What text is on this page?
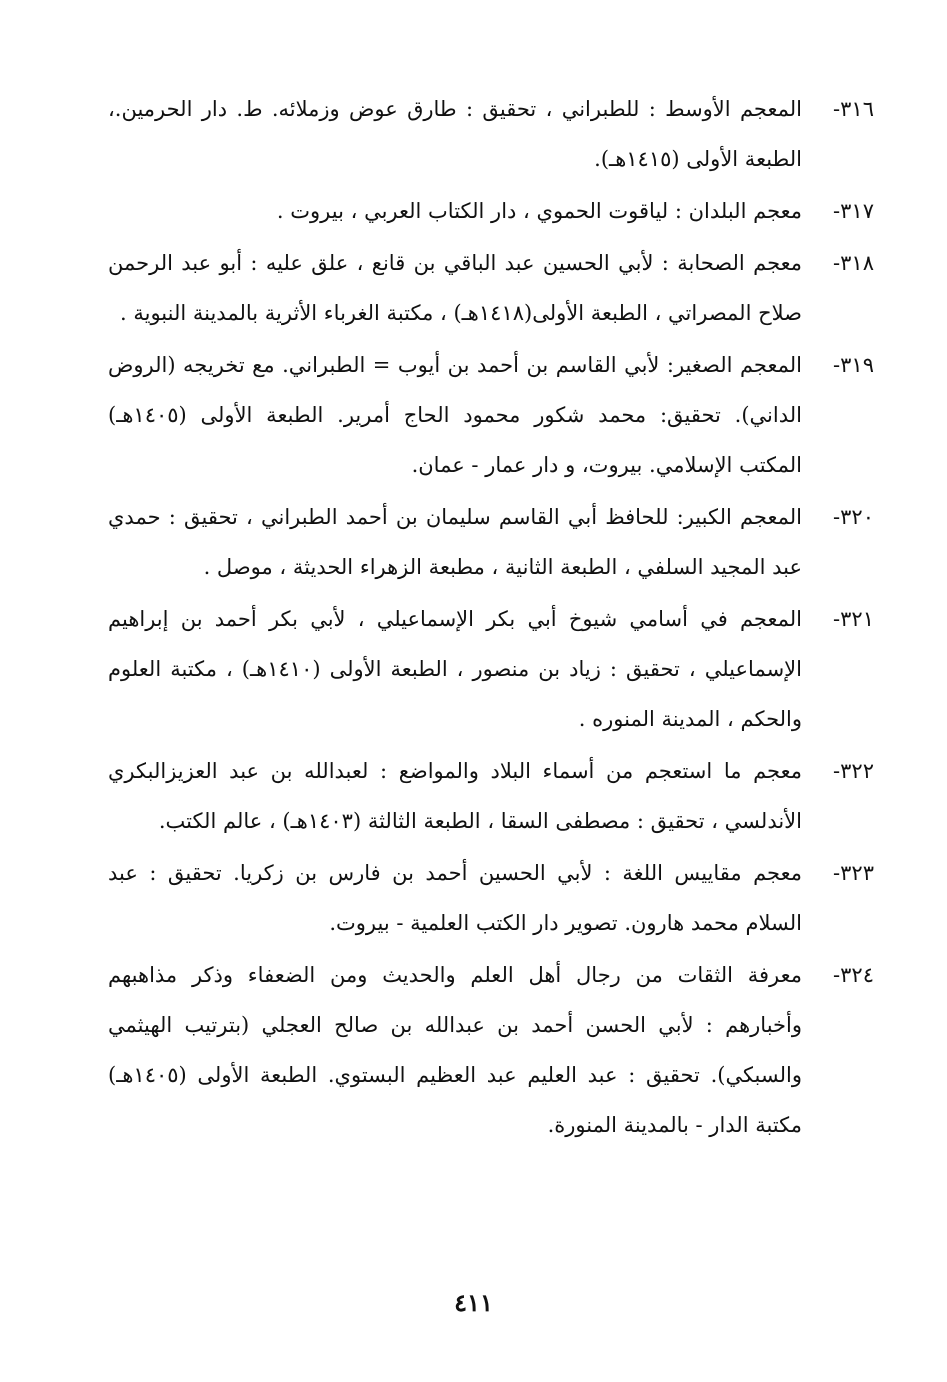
٣١٦-
المعجم الأوسط : للطبراني ، تحقيق : طارق عوض وزملائه. ط. دار الحرمين.، الطبعة الأولى (١٤١٥هـ).
٣١٧-
معجم البلدان : لياقوت الحموي ، دار الكتاب العربي ، بيروت .
٣١٨-
معجم الصحابة : لأبي الحسين عبد الباقي بن قانع ، علق عليه : أبو عبد الرحمن صلاح المصراتي ، الطبعة الأولى(١٤١٨هـ) ، مكتبة الغرباء الأثرية بالمدينة النبوية .
٣١٩-
المعجم الصغير: لأبي القاسم بن أحمد بن أيوب = الطبراني. مع تخريجه (الروض الداني). تحقيق: محمد شكور محمود الحاج أمرير. الطبعة الأولى (١٤٠٥هـ) المكتب الإسلامي. بيروت، و دار عمار - عمان.
٣٢٠-
المعجم الكبير: للحافظ أبي القاسم سليمان بن أحمد الطبراني ، تحقيق : حمدي عبد المجيد السلفي ، الطبعة الثانية ، مطبعة الزهراء الحديثة ، موصل .
٣٢١-
المعجم في أسامي شيوخ أبي بكر الإسماعيلي ، لأبي بكر أحمد بن إبراهيم الإسماعيلي ، تحقيق : زياد بن منصور ، الطبعة الأولى (١٤١٠هـ) ، مكتبة العلوم والحكم ، المدينة المنوره .
٣٢٢-
معجم ما استعجم من أسماء البلاد والمواضع : لعبدالله بن عبد العزيزالبكري الأندلسي ، تحقيق : مصطفى السقا ، الطبعة الثالثة (١٤٠٣هـ) ، عالم الكتب.
٣٢٣-
معجم مقاييس اللغة : لأبي الحسين أحمد بن فارس بن زكريا. تحقيق : عبد السلام محمد هارون. تصوير دار الكتب العلمية - بيروت.
٣٢٤-
معرفة الثقات من رجال أهل العلم والحديث ومن الضعفاء وذكر مذاهبهم وأخبارهم : لأبي الحسن أحمد بن عبدالله بن صالح العجلي (بترتيب الهيثمي والسبكي). تحقيق : عبد العليم عبد العظيم البستوي. الطبعة الأولى (١٤٠٥هـ) مكتبة الدار - بالمدينة المنورة.
٤١١
